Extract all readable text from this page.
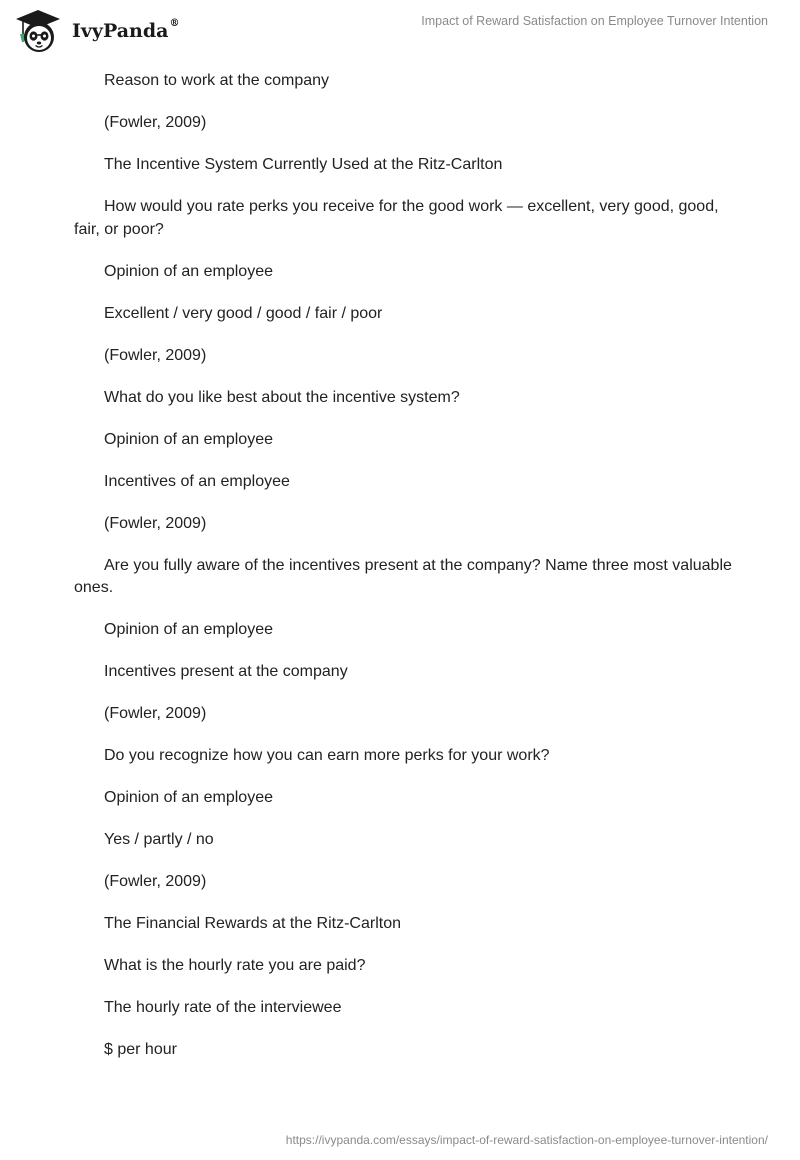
IvyPanda®	Impact of Reward Satisfaction on Employee Turnover Intention

Reason to work at the company

(Fowler, 2009)

The Incentive System Currently Used at the Ritz-Carlton

How would you rate perks you receive for the good work — excellent, very good, good, fair, or poor?

Opinion of an employee

Excellent / very good / good / fair / poor

(Fowler, 2009)

What do you like best about the incentive system?

Opinion of an employee

Incentives of an employee

(Fowler, 2009)

Are you fully aware of the incentives present at the company? Name three most valuable ones.

Opinion of an employee

Incentives present at the company

(Fowler, 2009)

Do you recognize how you can earn more perks for your work?

Opinion of an employee

Yes / partly / no

(Fowler, 2009)

The Financial Rewards at the Ritz-Carlton

What is the hourly rate you are paid?

The hourly rate of the interviewee

$ per hour

https://ivypanda.com/essays/impact-of-reward-satisfaction-on-employee-turnover-intention/
